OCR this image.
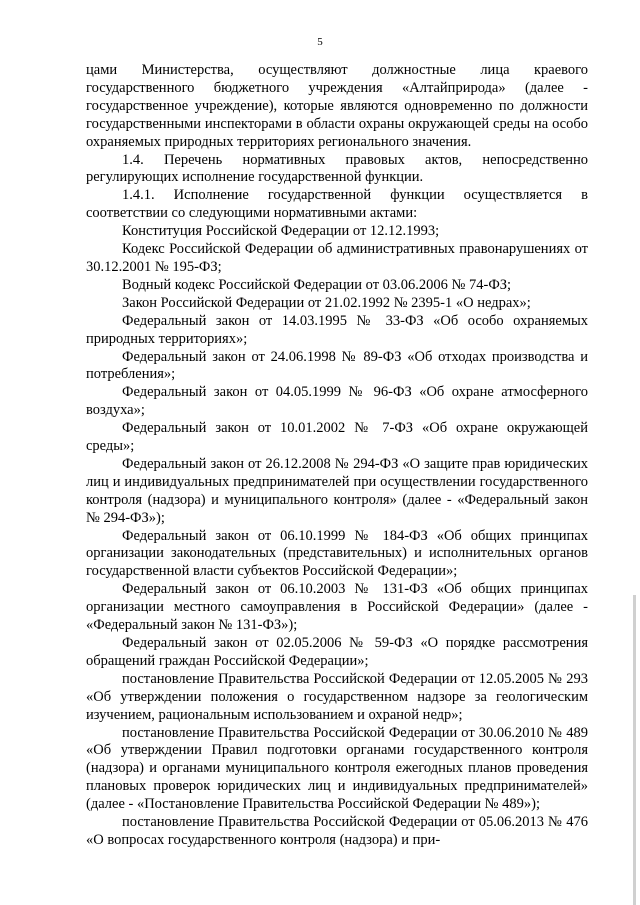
5

цами Министерства, осуществляют должностные лица краевого государственного бюджетного учреждения «Алтайприрода» (далее - государственное учреждение), которые являются одновременно по должности государственными инспекторами в области охраны окружающей среды на особо охраняемых природных территориях регионального значения.

1.4. Перечень нормативных правовых актов, непосредственно регулирующих исполнение государственной функции.

1.4.1. Исполнение государственной функции осуществляется в соответствии со следующими нормативными актами:

Конституция Российской Федерации от 12.12.1993;

Кодекс Российской Федерации об административных правонарушениях от 30.12.2001 № 195-ФЗ;

Водный кодекс Российской Федерации от 03.06.2006 № 74-ФЗ;

Закон Российской Федерации от 21.02.1992 № 2395-1 «О недрах»;

Федеральный закон от 14.03.1995 № 33-ФЗ «Об особо охраняемых природных территориях»;

Федеральный закон от 24.06.1998 № 89-ФЗ «Об отходах производства и потребления»;

Федеральный закон от 04.05.1999 № 96-ФЗ «Об охране атмосферного воздуха»;

Федеральный закон от 10.01.2002 № 7-ФЗ «Об охране окружающей среды»;

Федеральный закон от 26.12.2008 № 294-ФЗ «О защите прав юридических лиц и индивидуальных предпринимателей при осуществлении государственного контроля (надзора) и муниципального контроля» (далее - «Федеральный закон № 294-ФЗ»);

Федеральный закон от 06.10.1999 № 184-ФЗ «Об общих принципах организации законодательных (представительных) и исполнительных органов государственной власти субъектов Российской Федерации»;

Федеральный закон от 06.10.2003 № 131-ФЗ «Об общих принципах организации местного самоуправления в Российской Федерации» (далее - «Федеральный закон № 131-ФЗ»);

Федеральный закон от 02.05.2006 № 59-ФЗ «О порядке рассмотрения обращений граждан Российской Федерации»;

постановление Правительства Российской Федерации от 12.05.2005 № 293 «Об утверждении положения о государственном надзоре за геологическим изучением, рациональным использованием и охраной недр»;

постановление Правительства Российской Федерации от 30.06.2010 № 489 «Об утверждении Правил подготовки органами государственного контроля (надзора) и органами муниципального контроля ежегодных планов проведения плановых проверок юридических лиц и индивидуальных предпринимателей» (далее - «Постановление Правительства Российской Федерации № 489»);

постановление Правительства Российской Федерации от 05.06.2013 № 476 «О вопросах государственного контроля (надзора) и при-
